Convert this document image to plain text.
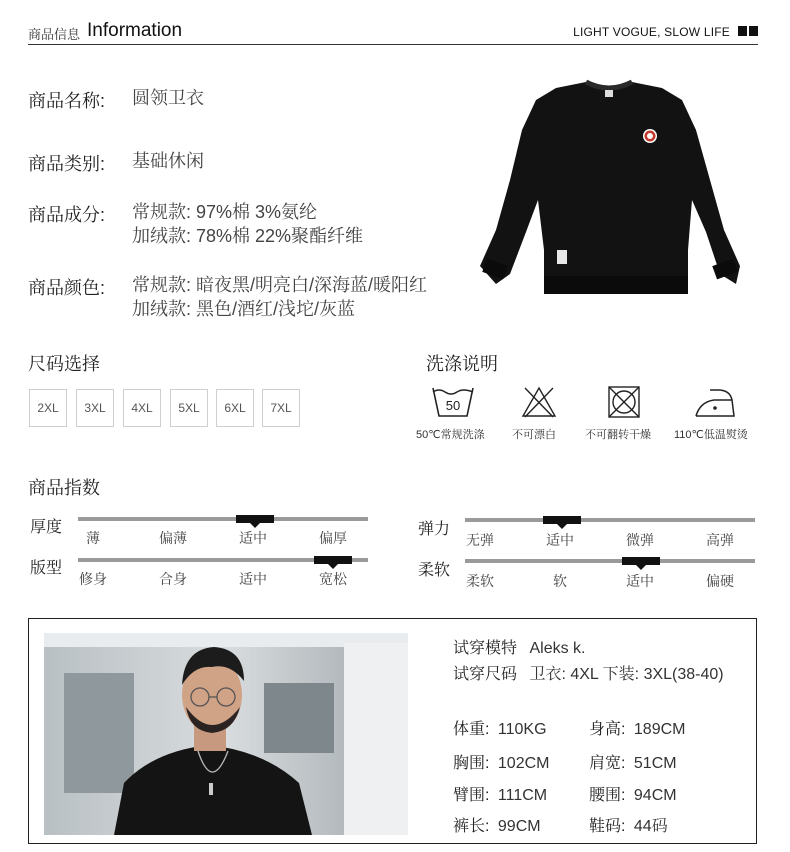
商品信息 Information	LIGHT VOGUE, SLOW LIFE
商品名称: 圆领卫衣
商品类别: 基础休闲
商品成分: 常规款: 97%棉 3%氨纶
加绒款: 78%棉 22%聚酯纤维
商品颜色: 常规款: 暗夜黑/明亮白/深海蓝/暖阳红
加绒款: 黑色/酒红/浅坨/灰蓝
尺码选择
2XL	3XL	4XL	5XL	6XL	7XL
洗涤说明
50
50℃常规洗涤 不可漂白	不可翻转干燥 110℃低温熨烫
商品指数
厚度
薄	偏薄	适中	偏厚
版型
修身	合身	适中	宽松
弹力
无弹	适中	微弹	高弹
柔软
柔软	软	适中	偏硬
试穿模特 Aleks k.
试穿尺码 卫衣: 4XL 下装: 3XL(38-40)
体重: 110KG	身高: 189CM
胸围: 102CM 肩宽: 51CM
臂围: 111CM	腰围: 94CM
裤长: 99CM	鞋码: 44码
